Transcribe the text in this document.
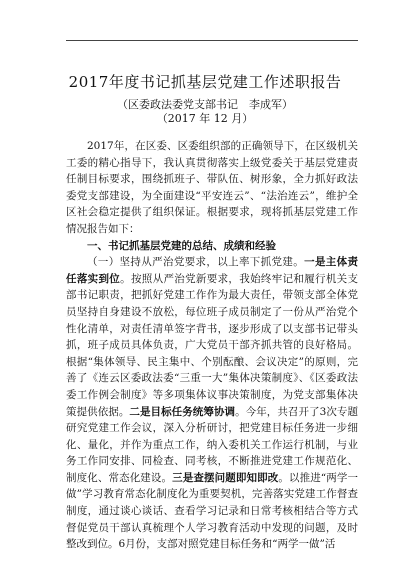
2017年度书记抓基层党建工作述职报告
（区委政法委党支部书记　李成军）
（2017 年 12 月）

2017年，在区委、区委组织部的正确领导下，在区级机关工委的精心指导下，我认真贯彻落实上级党委关于基层党建责任制目标要求，围绕抓班子、带队伍、树形象，全力抓好政法委党支部建设，为全面建设“平安连云”、“法治连云”，维护全区社会稳定提供了组织保证。根据要求，现将抓基层党建工作情况报告如下：

一、书记抓基层党建的总结、成绩和经验

（一）坚持从严治党要求，以上率下抓党建。一是主体责任落实到位。按照从严治党新要求，我始终牢记和履行机关支部书记职责，把抓好党建工作作为最大责任，带领支部全体党员坚持自身建设不放松，每位班子成员制定了一份从严治党个性化清单，对责任清单签字背书，逐步形成了以支部书记带头抓，班子成员具体负责，广大党员干部齐抓共管的良好格局。根据“集体领导、民主集中、个别酝酿、会议决定”的原则，完善了《连云区委政法委“三重一大”集体决策制度》、《区委政法委工作例会制度》等多项集体议事决策制度，为党支部集体决策提供依据。二是目标任务统筹协调。今年，共召开了3次专题研究党建工作会议，深入分析研讨，把党建目标任务进一步细化、量化，并作为重点工作，纳入委机关工作运行机制，与业务工作同安排、同检查、同考核，不断推进党建工作规范化、制度化、常态化建设。三是查摆问题即知即改。以推进“两学一做”学习教育常态化制度化为重要契机，完善落实党建工作督查制度，通过谈心谈话、查看学习记录和日常考核相结合等方式督促党员干部认真梳理个人学习教育活动中发现的问题，及时整改到位。6月份，支部对照党建目标任务和“两学一做”活
